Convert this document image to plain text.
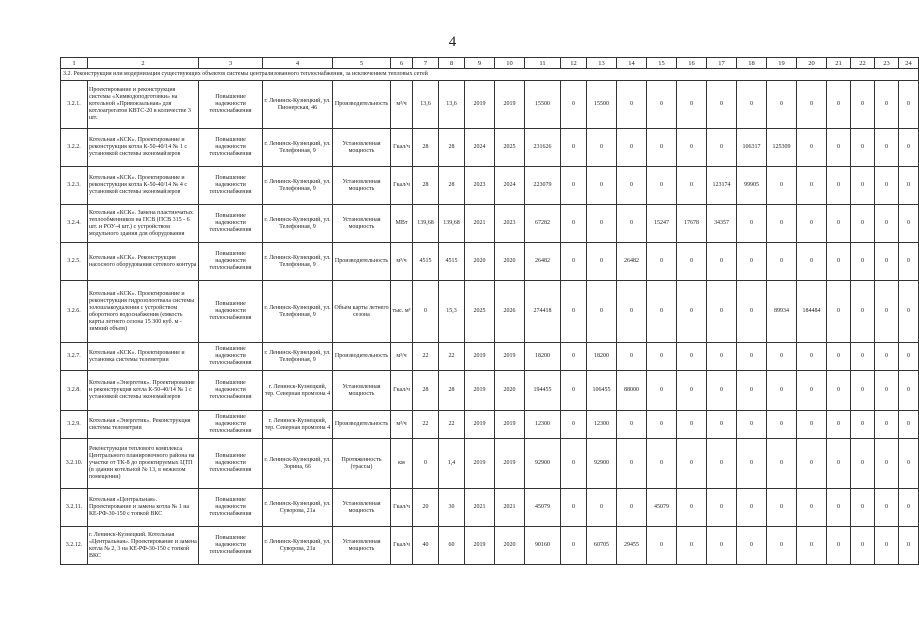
4
1	2	3	4	5	6	7	8	9	10	11	12	13	14	15	16	17	18	19	20	21	22	23	24
3.2. Реконструкция или модернизация существующих объектов системы централизованного теплоснабжения, за исключением тепловых сетей																							
3.2.1.	Проектирование и реконструкция системы «Химводоподготовки» на котельной «Привокзальная» для котлоагрегатов КВТС-20 в количестве 3 шт.	Повышение надежности теплоснабжения	г. Ленинск-Кузнецкий, ул. Пионерская, 46	Производительность	м³/ч	13,6	13,6	2019	2019	15500	0	15500	0	0	0	0	0	0	0	0	0	0	0
3.2.2.	Котельная «КСК». Проектирование и реконструкция котла К-50-40/14 № 1 с установкой системы экономайзеров	Повышение надежности теплоснабжения	г. Ленинск-Кузнецкий, ул. Телефонная, 9	Установленная мощность	Гкал/ч	28	28	2024	2025	231626	0	0	0	0	0	0	106317	125309	0	0	0	0	0
3.2.3.	Котельная «КСК». Проектирование и реконструкция котла К-50-40/14 № 4 с установкой системы экономайзеров	Повышение надежности теплоснабжения	г. Ленинск-Кузнецкий, ул. Телефонная, 9	Установленная мощность	Гкал/ч	28	28	2023	2024	223079	0	0	0	0	0	123174	99905	0	0	0	0	0	0
3.2.4.	Котельная «КСК». Замена пластинчатых теплообменников на ПСВ (ПСВ 315 - 6 шт. и РОУ-4 шт.) с устройством модульного здания для оборудования	Повышение надежности теплоснабжения	г. Ленинск-Кузнецкий, ул. Телефонная, 9	Установленная мощность	МВт	139,68	139,68	2021	2023	67282	0	0	0	15247	17678	34357	0	0	0	0	0	0	0
3.2.5.	Котельная «КСК». Реконструкция насосного оборудования сетевого контура	Повышение надежности теплоснабжения	г. Ленинск-Кузнецкий, ул. Телефонная, 9	Производительность	м³/ч	4515	4515	2020	2020	26482	0	0	26482	0	0	0	0	0	0	0	0	0	0
3.2.6.	Котельная «КСК». Проектирование и реконструкция гидрозолоотвала системы золошлакоудаления с устройством оборотного водоснабжения (емкость карты летнего сезона 15 300 куб. м - зимний объем)	Повышение надежности теплоснабжения	г. Ленинск-Кузнецкий, ул. Телефонная, 9	Объем карты летнего сезона	тыс. м³	0	15,3	2025	2026	274418	0	0	0	0	0	0	0	89934	184484	0	0	0	0
3.2.7.	Котельная «КСК». Проектирование и установка системы телеметрии	Повышение надежности теплоснабжения	г. Ленинск-Кузнецкий, ул. Телефонная, 9	Производительность	м³/ч	22	22	2019	2019	18200	0	18200	0	0	0	0	0	0	0	0	0	0	0
3.2.8.	Котельная «Энергетик». Проектирование и реконструкция котла К-50-40/14 № 1 с установкой системы экономайзеров	Повышение надежности теплоснабжения	г. Ленинск-Кузнецкий, тер. Северная промзона 4	Установленная мощность	Гкал/ч	28	28	2019	2020	194455	0	106455	88000	0	0	0	0	0	0	0	0	0	0
3.2.9.	Котельная «Энергетик». Реконструкция системы телеметрии	Повышение надежности теплоснабжения	г. Ленинск-Кузнецкий, тер. Северная промзона 4	Производительность	м³/ч	22	22	2019	2019	12300	0	12300	0	0	0	0	0	0	0	0	0	0	0
3.2.10.	Реконструкция теплового комплекса Центрального планировочного района на участке от ТК-8 до проектируемых ЦТП (в здании котельной № 13, в нежилом помещении)	Повышение надежности теплоснабжения	г. Ленинск-Кузнецкий, ул. Зорина, 66	Протяженность (трассы)	км	0	1,4	2019	2019	92900	0	92900	0	0	0	0	0	0	0	0	0	0	0
3.2.11.	Котельная «Центральная». Проектирование и замена котла № 1 на КЕ-РФ-30-150 с топкой ВКС	Повышение надежности теплоснабжения	г. Ленинск-Кузнецкий, ул. Суворова, 21а	Установленная мощность	Гкал/ч	20	30	2021	2021	45079	0	0	0	45079	0	0	0	0	0	0	0	0	0
3.2.12.	г. Ленинск-Кузнецкий. Котельная «Центральная». Проектирование и замена котла № 2, 3 на КЕ-РФ-30-150 с топкой ВКС	Повышение надежности теплоснабжения	г. Ленинск-Кузнецкий, ул. Суворова, 21а	Установленная мощность	Гкал/ч	40	60	2019	2020	90160	0	60705	29455	0	0	0	0	0	0	0	0	0	0
